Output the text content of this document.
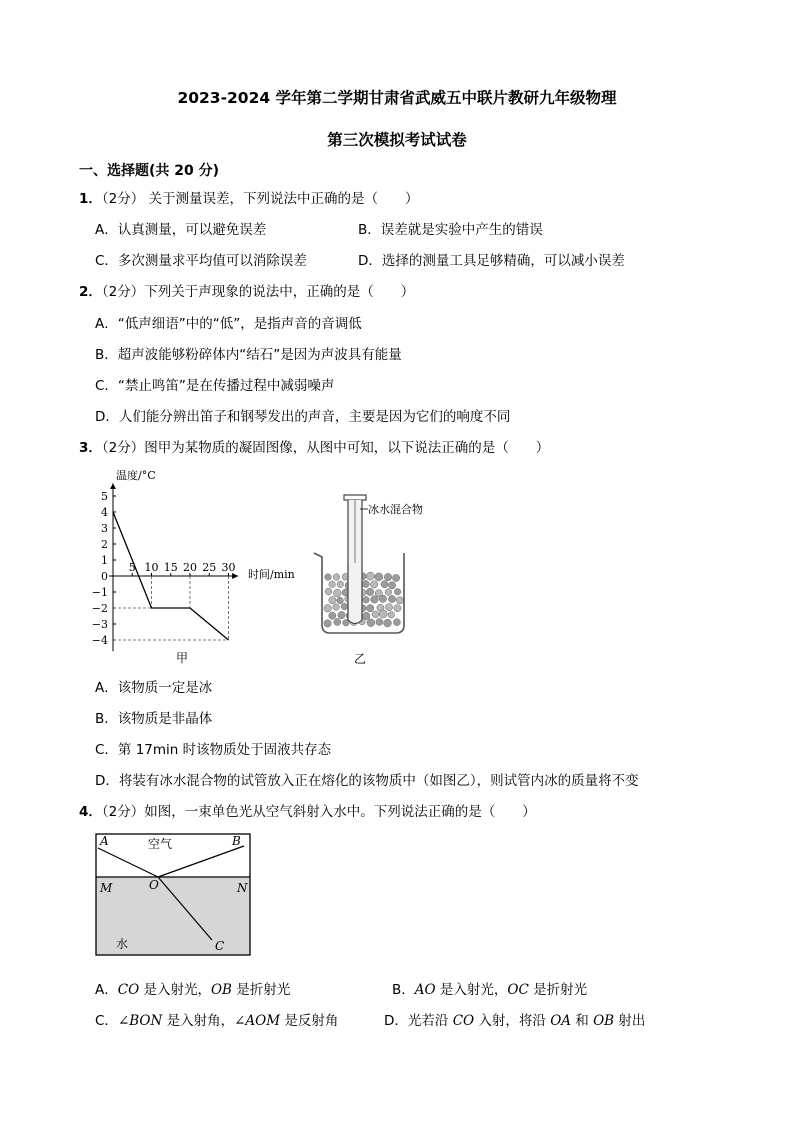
2023-2024 学年第二学期甘肃省武威五中联片教研九年级物理
第三次模拟考试试卷
一、选择题(共 20 分)
1．（2分） 关于测量误差，下列说法中正确的是（　　）
A．认真测量，可以避免误差	B．误差就是实验中产生的错误
C．多次测量求平均值可以消除误差	D．选择的测量工具足够精确，可以减小误差
2．（2分）下列关于声现象的说法中，正确的是（　　）
A．“低声细语”中的“低”，是指声音的音调低
B．超声波能够粉碎体内“结石”是因为声波具有能量
C．“禁止鸣笛”是在传播过程中减弱噪声
D．人们能分辨出笛子和钢琴发出的声音，主要是因为它们的响度不同
3．（2分）图甲为某物质的凝固图像，从图中可知，以下说法正确的是（　　）
4
3
2
1
0
−1
−2
−3
−4
5
5 10 15 20 25 30
温度/°C
时间/min
甲
冰水混合物
乙
A．该物质一定是冰
B．该物质是非晶体
C．第 17min 时该物质处于固液共存态
D．将装有冰水混合物的试管放入正在熔化的该物质中（如图乙），则试管内冰的质量将不变
4．（2分）如图，一束单色光从空气斜射入水中。下列说法正确的是（　　）
A	B
空气
M	O	N
水	C
A．CO 是入射光，OB 是折射光	B．AO 是入射光，OC 是折射光
C．∠BON 是入射角，∠AOM 是反射角	D．光若沿 CO 入射，将沿 OA 和 OB 射出
